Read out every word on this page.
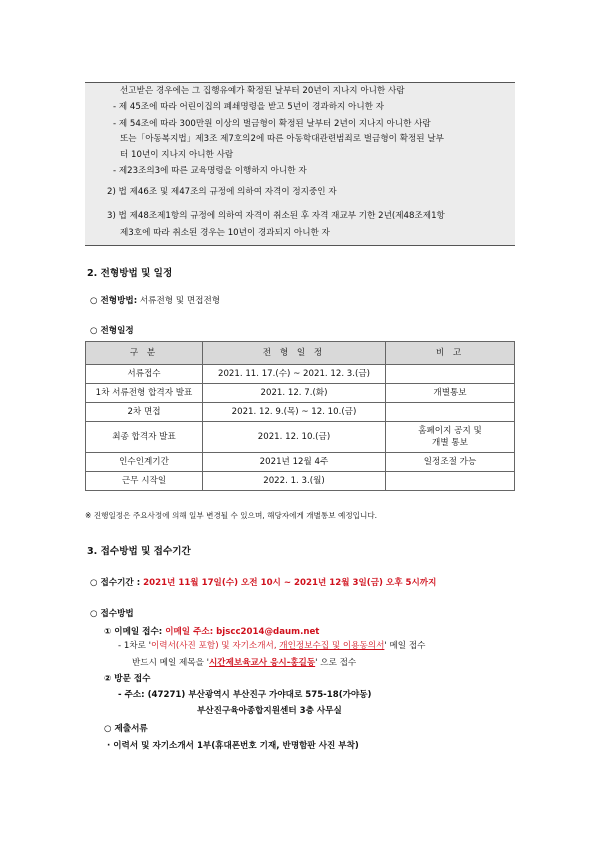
선고받은 경우에는 그 집행유예가 확정된 날부터 20년이 지나지 아니한 사람
- 제 45조에 따라 어린이집의 폐쇄명령을 받고 5년이 경과하지 아니한 자
- 제 54조에 따라 300만원 이상의 벌금형이 확정된 날부터 2년이 지나지 아니한 사람
또는「아동복지법」제3조 제7호의2에 따른 아동학대관련범죄로 벌금형이 확정된 날부
터 10년이 지나지 아니한 사람
- 제23조의3에 따른 교육명령을 이행하지 아니한 자
2) 법 제46조 및 제47조의 규정에 의하여 자격이 정지중인 자
3) 법 제48조제1항의 규정에 의하여 자격이 취소된 후 자격 재교부 기한 2년(제48조제1항
제3호에 따라 취소된 경우는 10년이 경과되지 아니한 자
2. 전형방법 및 일정
○ 전형방법: 서류전형 및 면접전형
○ 전형일정
구 분	전 형 일 정	비 고
서류접수	2021. 11. 17.(수) ~ 2021. 12. 3.(금)	
1차 서류전형 합격자 발표	2021. 12. 7.(화)	개별통보
2차 면접	2021. 12. 9.(목) ~ 12. 10.(금)	
최종 합격자 발표	2021. 12. 10.(금)	홈페이지 공지 및
개별 통보

인수인계기간	2021년 12월 4주	일정조절 가능
근무 시작일	2022. 1. 3.(월)	
※ 진행일정은 주요사정에 의해 일부 변경될 수 있으며, 해당자에게 개별통보 예정입니다.
3. 접수방법 및 접수기간
○ 접수기간 : 2021년 11월 17일(수) 오전 10시 ~ 2021년 12월 3일(금) 오후 5시까지
○ 접수방법
① 이메일 접수: 이메일 주소: bjscc2014@daum.net
- 1차로 '이력서(사진 포함) 및 자기소개서, 개인정보수집 및 이용동의서' 메일 접수
반드시 메일 제목을 '시간제보육교사 응시-홍길동' 으로 접수
② 방문 접수
- 주소: (47271) 부산광역시 부산진구 가야대로 575-18(가야동)
부산진구육아종합지원센터 3층 사무실
○ 제출서류
· 이력서 및 자기소개서 1부(휴대폰번호 기재, 반명함판 사진 부착)
